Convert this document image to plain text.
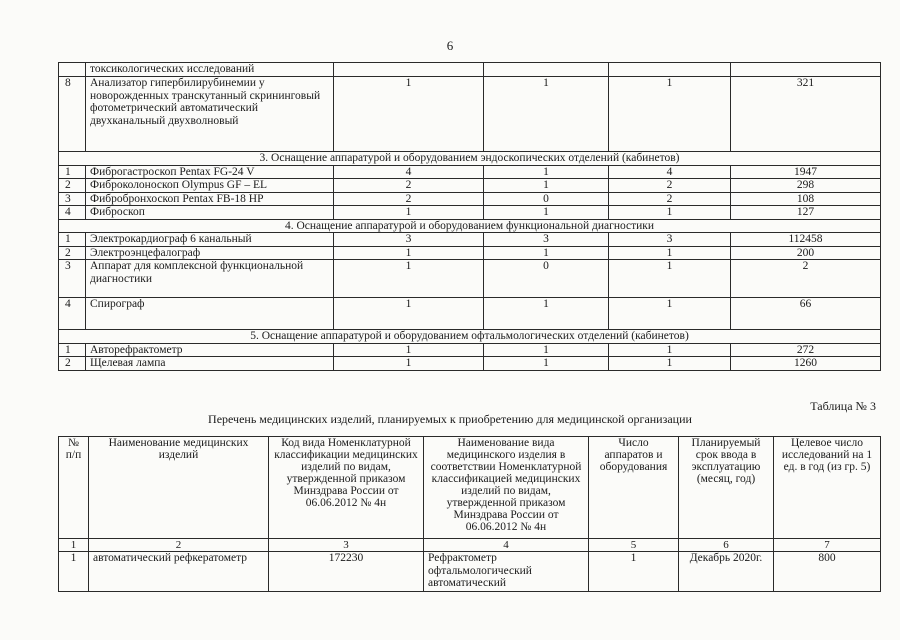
6
	токсикологических исследований				
8	Анализатор гипербилирубинемии у новорожденных транскутанный скрининговый фотометрический автоматический двухканальный двухволновый	1	1	1	321
3. Оснащение аппаратурой и оборудованием эндоскопических отделений (кабинетов)					
1	Фиброгастроскоп Pentax FG-24 V	4	1	4	1947
2	Фиброколоноскоп Olympus GF – EL	2	1	2	298
3	Фибробронхоскоп Pentax FB-18 HP	2	0	2	108
4	Фиброскоп	1	1	1	127
4. Оснащение аппаратурой и оборудованием функциональной диагностики					
1	Электрокардиограф 6 канальный	3	3	3	112458
2	Электроэнцефалограф	1	1	1	200
3	Аппарат для комплексной функциональной диагностики	1	0	1	2
4	Спирограф	1	1	1	66
5. Оснащение аппаратурой и оборудованием офтальмологических отделений (кабинетов)					
1	Авторефрактометр	1	1	1	272
2	Щелевая лампа	1	1	1	1260
Таблица № 3
Перечень медицинских изделий, планируемых к приобретению для медицинской организации
№ п/п	Наименование медицинских изделий	Код вида Номенклатурной классификации медицинских изделий по видам, утвержденной приказом Минздрава России от 06.06.2012 № 4н	Наименование вида медицинского изделия в соответствии Номенклатурной классификацией медицинских изделий по видам, утвержденной приказом Минздрава России от 06.06.2012 № 4н	Число аппаратов и оборудования	Планируемый срок ввода в эксплуатацию (месяц, год)	Целевое число исследований на 1 ед. в год (из гр. 5)
1	2	3	4	5	6	7
1	автоматический рефкератометр	172230	Рефрактометр офтальмологический автоматический	1	Декабрь 2020г.	800
